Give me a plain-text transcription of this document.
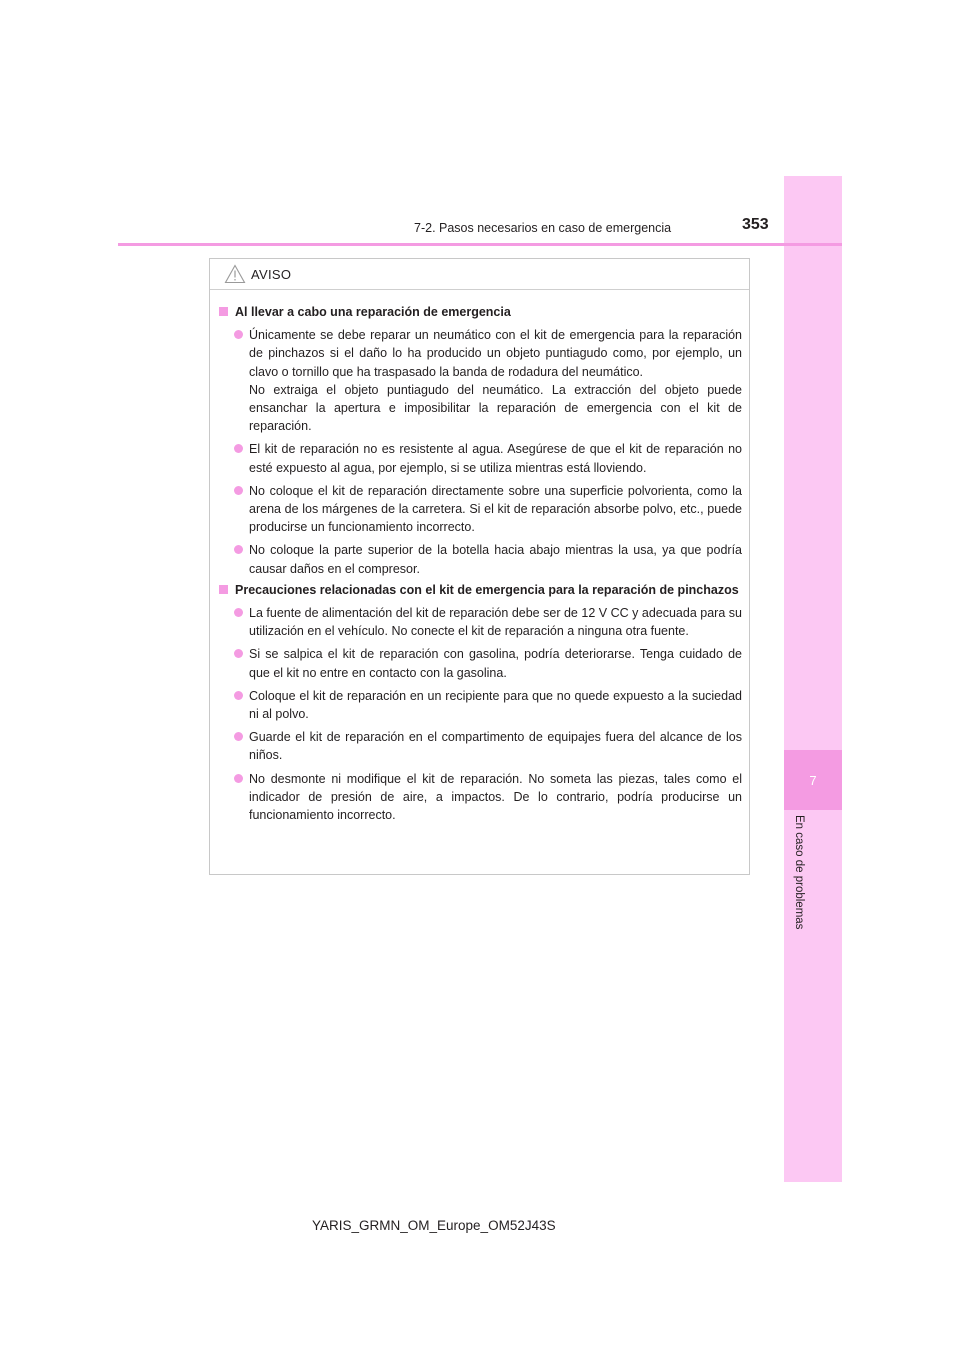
7
En caso de problemas
7-2. Pasos necesarios en caso de emergencia	353
AVISO
Al llevar a cabo una reparación de emergencia

Únicamente se debe reparar un neumático con el kit de emergencia para la reparación de pinchazos si el daño lo ha producido un objeto puntiagudo como, por ejemplo, un clavo o tornillo que ha traspasado la banda de rodadura del neumático.

No extraiga el objeto puntiagudo del neumático. La extracción del objeto puede ensanchar la apertura e imposibilitar la reparación de emergencia con el kit de reparación.

El kit de reparación no es resistente al agua. Asegúrese de que el kit de reparación no esté expuesto al agua, por ejemplo, si se utiliza mientras está lloviendo.

No coloque el kit de reparación directamente sobre una superficie polvorienta, como la arena de los márgenes de la carretera. Si el kit de reparación absorbe polvo, etc., puede producirse un funcionamiento incorrecto.

No coloque la parte superior de la botella hacia abajo mientras la usa, ya que podría causar daños en el compresor.

Precauciones relacionadas con el kit de emergencia para la reparación de pinchazos

La fuente de alimentación del kit de reparación debe ser de 12 V CC y adecuada para su utilización en el vehículo. No conecte el kit de reparación a ninguna otra fuente.

Si se salpica el kit de reparación con gasolina, podría deteriorarse. Tenga cuidado de que el kit no entre en contacto con la gasolina.

Coloque el kit de reparación en un recipiente para que no quede expuesto a la suciedad ni al polvo.

Guarde el kit de reparación en el compartimento de equipajes fuera del alcance de los niños.

No desmonte ni modifique el kit de reparación. No someta las piezas, tales como el indicador de presión de aire, a impactos. De lo contrario, podría producirse un funcionamiento incorrecto.

YARIS_GRMN_OM_Europe_OM52J43S
